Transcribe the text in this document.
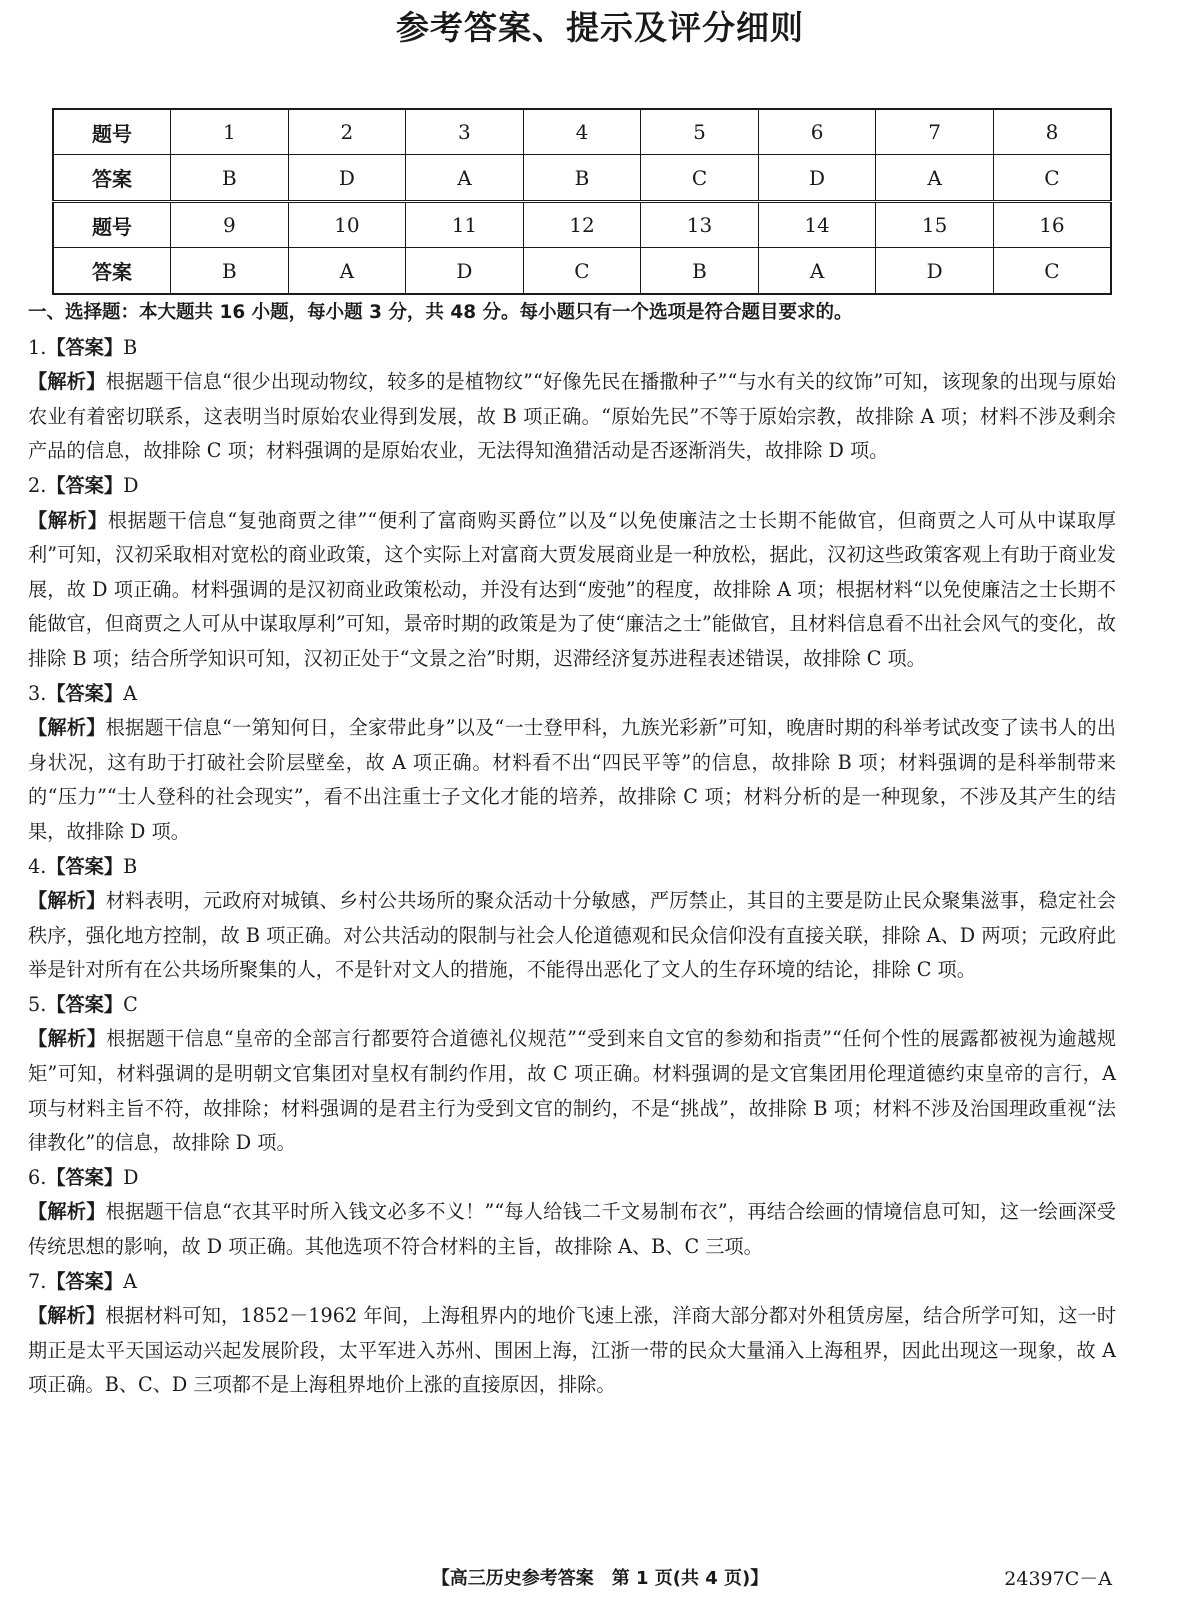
参考答案、提示及评分细则
题号	1	2	3	4	5	6	7	8
答案	B	D	A	B	C	D	A	C
题号	9	10	11	12	13	14	15	16
答案	B	A	D	C	B	A	D	C
一、选择题：本大题共 16 小题，每小题 3 分，共 48 分。每小题只有一个选项是符合题目要求的。
1.【答案】B
【解析】根据题干信息“很少出现动物纹，较多的是植物纹”“好像先民在播撒种子”“与水有关的纹饰”可知，该现象的出现与原始农业有着密切联系，这表明当时原始农业得到发展，故 B 项正确。“原始先民”不等于原始宗教，故排除 A 项；材料不涉及剩余产品的信息，故排除 C 项；材料强调的是原始农业，无法得知渔猎活动是否逐渐消失，故排除 D 项。
2.【答案】D
【解析】根据题干信息“复弛商贾之律”“便利了富商购买爵位”以及“以免使廉洁之士长期不能做官，但商贾之人可从中谋取厚利”可知，汉初采取相对宽松的商业政策，这个实际上对富商大贾发展商业是一种放松，据此，汉初这些政策客观上有助于商业发展，故 D 项正确。材料强调的是汉初商业政策松动，并没有达到“废弛”的程度，故排除 A 项；根据材料“以免使廉洁之士长期不能做官，但商贾之人可从中谋取厚利”可知，景帝时期的政策是为了使“廉洁之士”能做官，且材料信息看不出社会风气的变化，故排除 B 项；结合所学知识可知，汉初正处于“文景之治”时期，迟滞经济复苏进程表述错误，故排除 C 项。
3.【答案】A
【解析】根据题干信息“一第知何日，全家带此身”以及“一士登甲科，九族光彩新”可知，晚唐时期的科举考试改变了读书人的出身状况，这有助于打破社会阶层壁垒，故 A 项正确。材料看不出“四民平等”的信息，故排除 B 项；材料强调的是科举制带来的“压力”“士人登科的社会现实”，看不出注重士子文化才能的培养，故排除 C 项；材料分析的是一种现象，不涉及其产生的结果，故排除 D 项。
4.【答案】B
【解析】材料表明，元政府对城镇、乡村公共场所的聚众活动十分敏感，严厉禁止，其目的主要是防止民众聚集滋事，稳定社会秩序，强化地方控制，故 B 项正确。对公共活动的限制与社会人伦道德观和民众信仰没有直接关联，排除 A、D 两项；元政府此举是针对所有在公共场所聚集的人，不是针对文人的措施，不能得出恶化了文人的生存环境的结论，排除 C 项。
5.【答案】C
【解析】根据题干信息“皇帝的全部言行都要符合道德礼仪规范”“受到来自文官的参劾和指责”“任何个性的展露都被视为逾越规矩”可知，材料强调的是明朝文官集团对皇权有制约作用，故 C 项正确。材料强调的是文官集团用伦理道德约束皇帝的言行，A 项与材料主旨不符，故排除；材料强调的是君主行为受到文官的制约，不是“挑战”，故排除 B 项；材料不涉及治国理政重视“法律教化”的信息，故排除 D 项。
6.【答案】D
【解析】根据题干信息“衣其平时所入钱文必多不义！”“每人给钱二千文易制布衣”，再结合绘画的情境信息可知，这一绘画深受传统思想的影响，故 D 项正确。其他选项不符合材料的主旨，故排除 A、B、C 三项。
7.【答案】A
【解析】根据材料可知，1852－1962 年间，上海租界内的地价飞速上涨，洋商大部分都对外租赁房屋，结合所学可知，这一时期正是太平天国运动兴起发展阶段，太平军进入苏州、围困上海，江浙一带的民众大量涌入上海租界，因此出现这一现象，故 A 项正确。B、C、D 三项都不是上海租界地价上涨的直接原因，排除。
【高三历史参考答案　第 1 页(共 4 页)】	24397C－A
